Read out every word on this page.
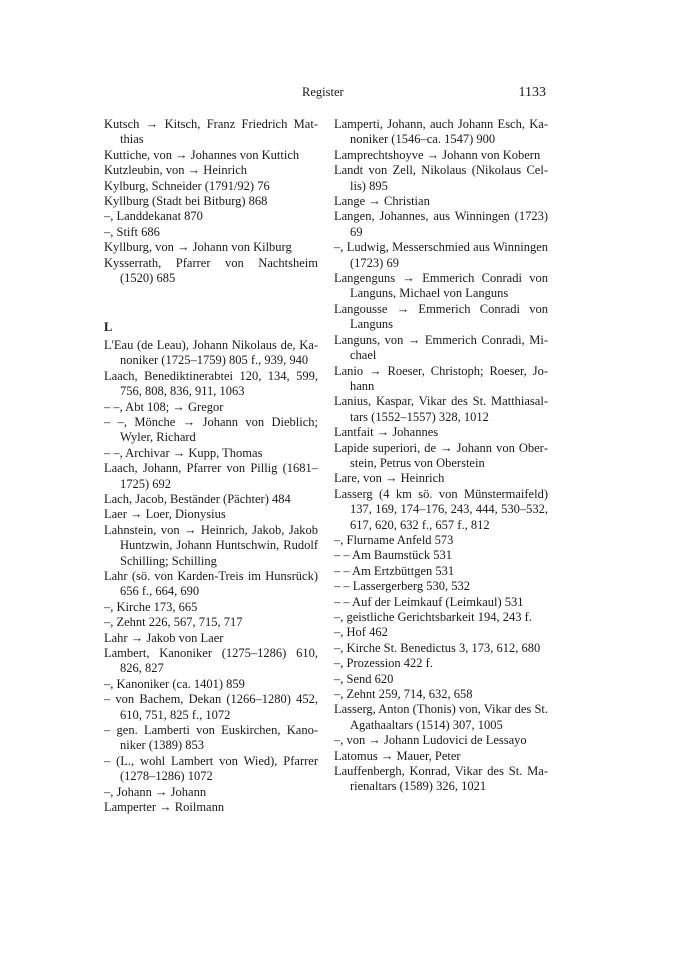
Register	1133
Kutsch → Kitsch, Franz Friedrich Matthias
Kuttiche, von → Johannes von Kuttich
Kutzleubin, von → Heinrich
Kylburg, Schneider (1791/92) 76
Kyllburg (Stadt bei Bitburg) 868
–, Landdekanat 870
–, Stift 686
Kyllburg, von → Johann von Kilburg
Kysserrath, Pfarrer von Nachtsheim (1520) 685
L
L'Eau (de Leau), Johann Nikolaus de, Kanoniker (1725–1759) 805 f., 939, 940
Laach, Benediktinerabtei 120, 134, 599, 756, 808, 836, 911, 1063
– –, Abt 108; → Gregor
– –, Mönche → Johann von Dieblich; Wyler, Richard
– –, Archivar → Kupp, Thomas
Laach, Johann, Pfarrer von Pillig (1681–1725) 692
Lach, Jacob, Beständer (Pächter) 484
Laer → Loer, Dionysius
Lahnstein, von → Heinrich, Jakob, Jakob Huntzwin, Johann Huntschwin, Rudolf Schilling; Schilling
Lahr (sö. von Karden-Treis im Hunsrück) 656 f., 664, 690
–, Kirche 173, 665
–, Zehnt 226, 567, 715, 717
Lahr → Jakob von Laer
Lambert, Kanoniker (1275–1286) 610, 826, 827
–, Kanoniker (ca. 1401) 859
– von Bachem, Dekan (1266–1280) 452, 610, 751, 825 f., 1072
– gen. Lamberti von Euskirchen, Kanoniker (1389) 853
– (L., wohl Lambert von Wied), Pfarrer (1278–1286) 1072
–, Johann → Johann
Lamperter → Roilmann
Lamperti, Johann, auch Johann Esch, Kanoniker (1546–ca. 1547) 900
Lamprechtshoyve → Johann von Kobern
Landt von Zell, Nikolaus (Nikolaus Cellis) 895
Lange → Christian
Langen, Johannes, aus Winningen (1723) 69
–, Ludwig, Messerschmied aus Winningen (1723) 69
Langenguns → Emmerich Conradi von Languns, Michael von Languns
Langousse → Emmerich Conradi von Languns
Languns, von → Emmerich Conradi, Michael
Lanio → Roeser, Christoph; Roeser, Johann
Lanius, Kaspar, Vikar des St. Matthiasaltars (1552–1557) 328, 1012
Lantfait → Johannes
Lapide superiori, de → Johann von Oberstein, Petrus von Oberstein
Lare, von → Heinrich
Lasserg (4 km sö. von Münstermaifeld) 137, 169, 174–176, 243, 444, 530–532, 617, 620, 632 f., 657 f., 812
–, Flurname Anfeld 573
– – Am Baumstück 531
– – Am Ertzbüttgen 531
– – Lassergerberg 530, 532
– – Auf der Leimkauf (Leimkaul) 531
–, geistliche Gerichtsbarkeit 194, 243 f.
–, Hof 462
–, Kirche St. Benedictus 3, 173, 612, 680
–, Prozession 422 f.
–, Send 620
–, Zehnt 259, 714, 632, 658
Lasserg, Anton (Thonis) von, Vikar des St. Agathaaltars (1514) 307, 1005
–, von → Johann Ludovici de Lessayo
Latomus → Mauer, Peter
Lauffenbergh, Konrad, Vikar des St. Marienaltars (1589) 326, 1021
